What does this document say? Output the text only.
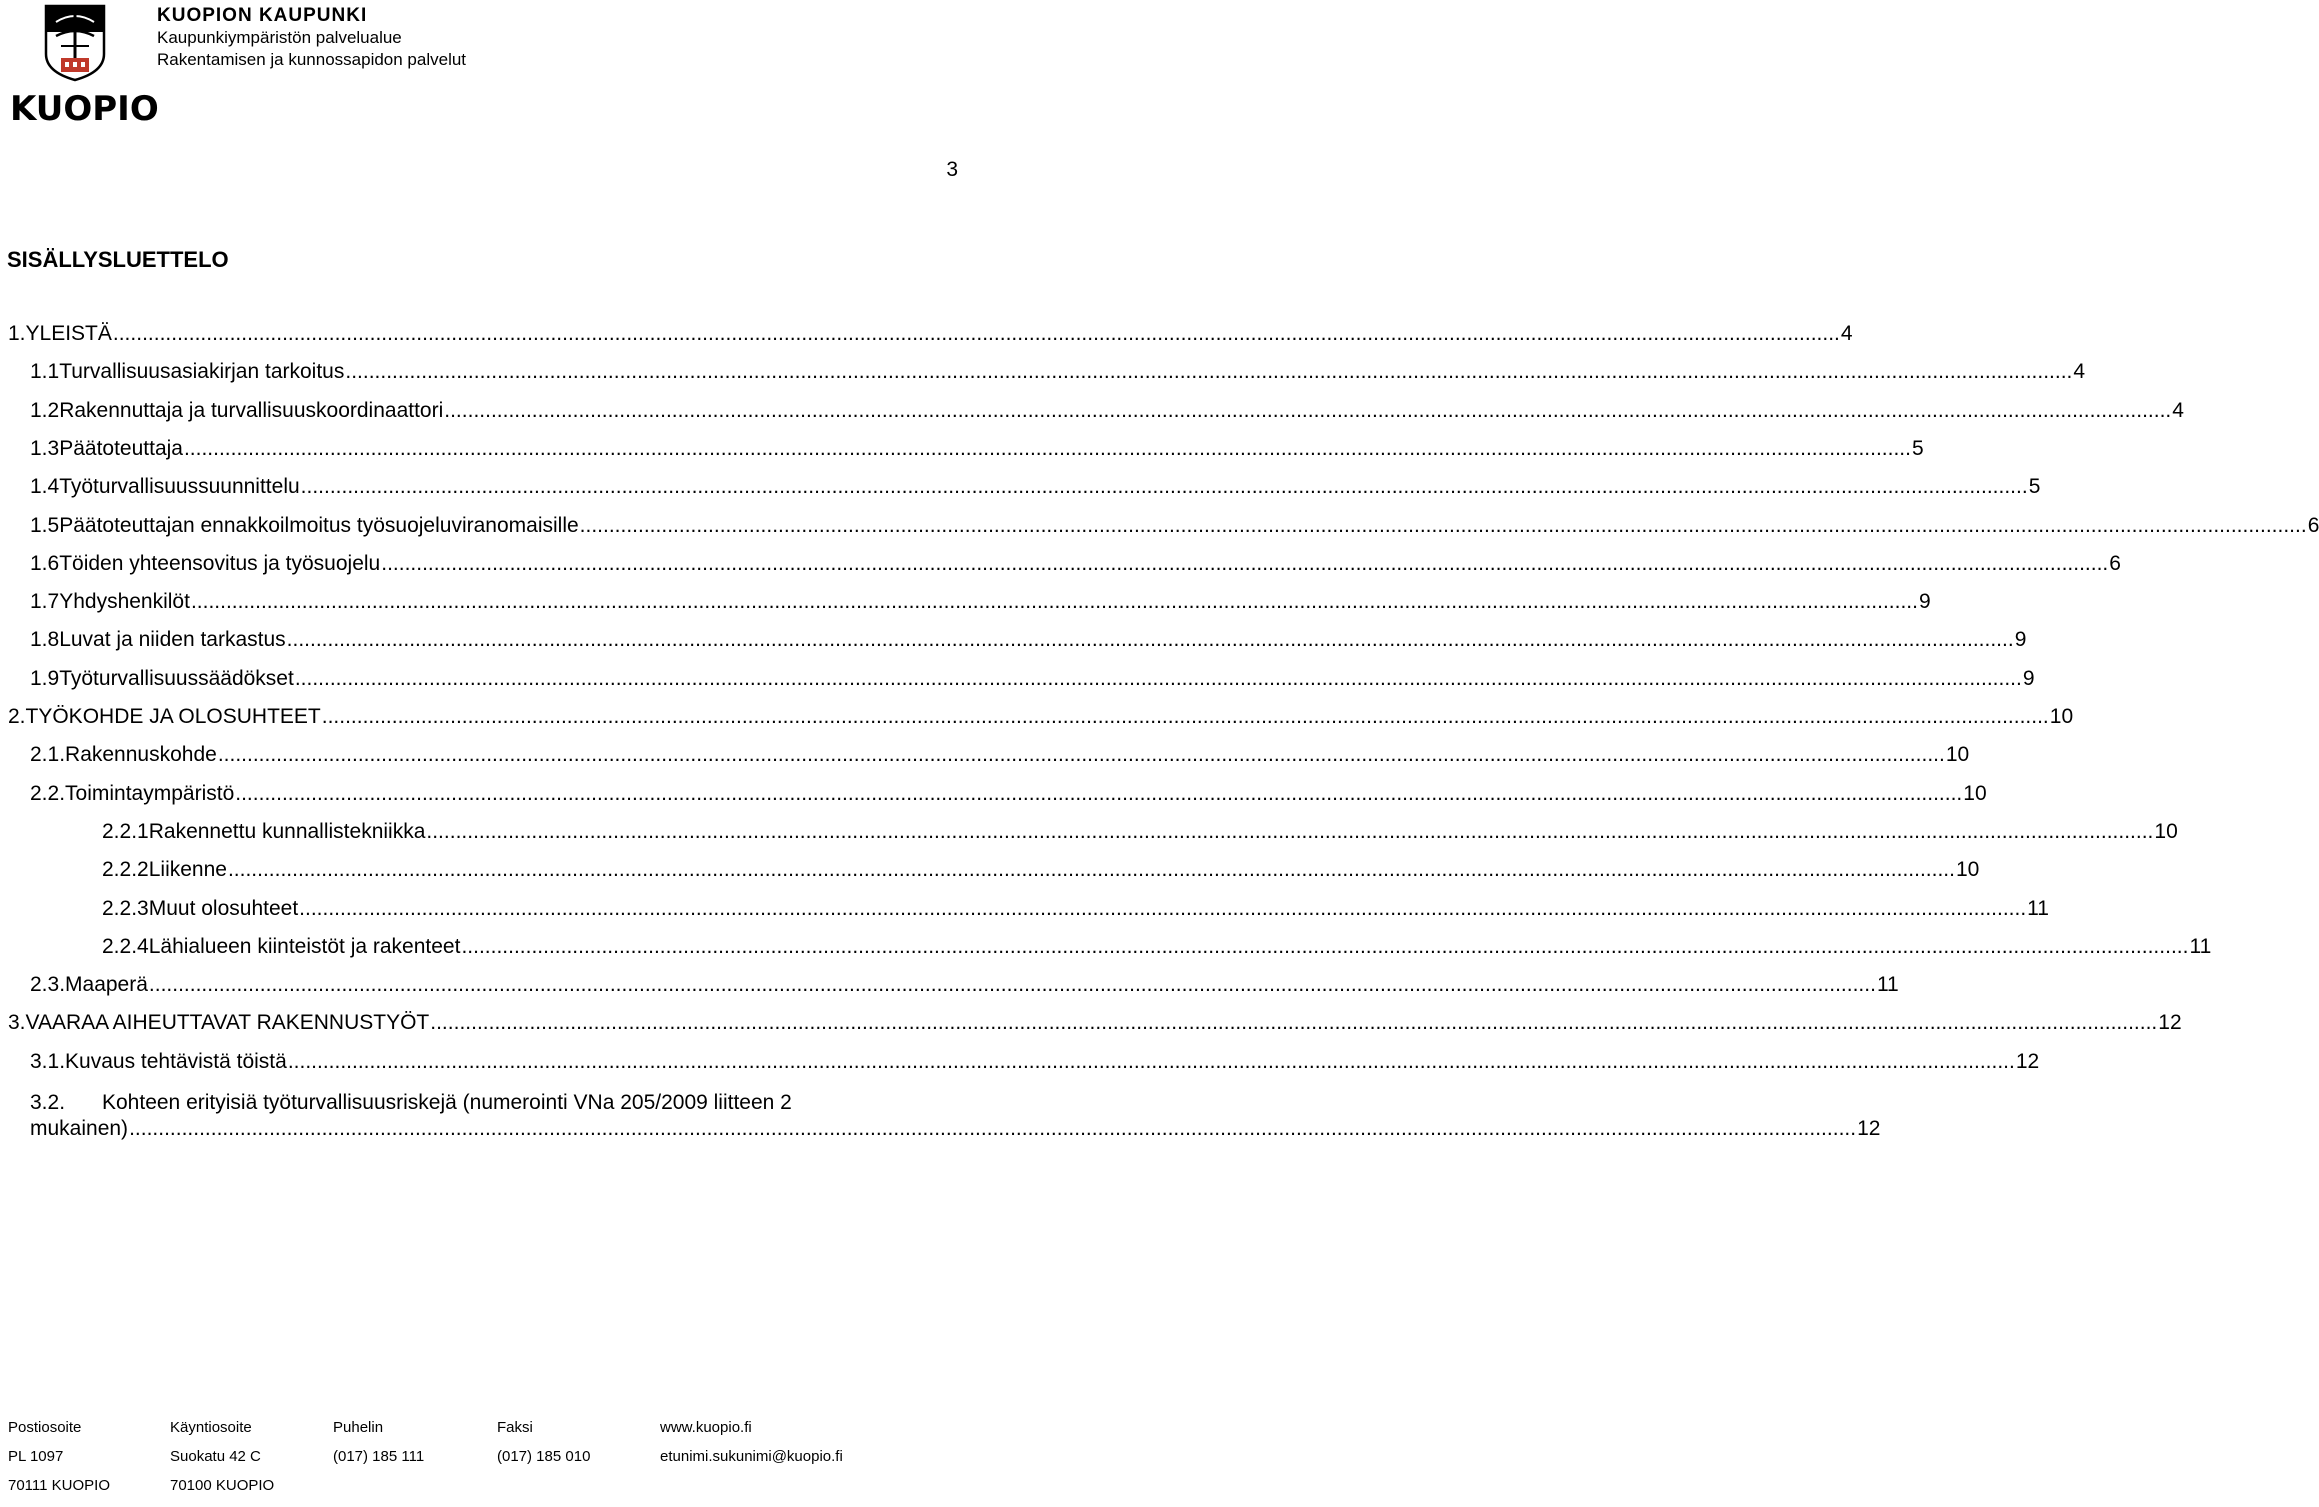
KUOPIO
KUOPION KAUPUNKI
Kaupunkiympäristön palvelualue
Rakentamisen ja kunnossapidon palvelut
3
SISÄLLYSLUETTELO
1. YLEISTÄ .....	4
1.1 Turvallisuusasiakirjan tarkoitus .....	4
1.2 Rakennuttaja ja turvallisuuskoordinaattori .....	4
1.3 Päätoteuttaja .....	5
1.4 Työturvallisuussuunnittelu .....	5
1.5 Päätoteuttajan ennakkoilmoitus työsuojeluviranomaisille .....	6
1.6 Töiden yhteensovitus ja työsuojelu .....	6
1.7 Yhdyshenkilöt .....	9
1.8 Luvat ja niiden tarkastus .....	9
1.9 Työturvallisuussäädökset .....	9
2. TYÖKOHDE JA OLOSUHTEET .....	10
2.1. Rakennuskohde .....	10
2.2. Toimintaympäristö .....	10
2.2.1 Rakennettu kunnallistekniikka .....	10
2.2.2 Liikenne .....	10
2.2.3 Muut olosuhteet .....	11
2.2.4 Lähialueen kiinteistöt ja rakenteet .....	11
2.3. Maaperä .....	11
3. VAARAA AIHEUTTAVAT RAKENNUSTYÖT .....	12
3.1. Kuvaus tehtävistä töistä .....	12
3.2. Kohteen erityisiä työturvallisuusriskejä (numerointi VNa 205/2009 liitteen 2
mukainen) .....	12
Postiosoite
PL 1097
70111 KUOPIO
Käyntiosoite
Suokatu 42 C
70100 KUOPIO
Puhelin
(017) 185 111
Faksi
(017) 185 010
www.kuopio.fi
etunimi.sukunimi@kuopio.fi
